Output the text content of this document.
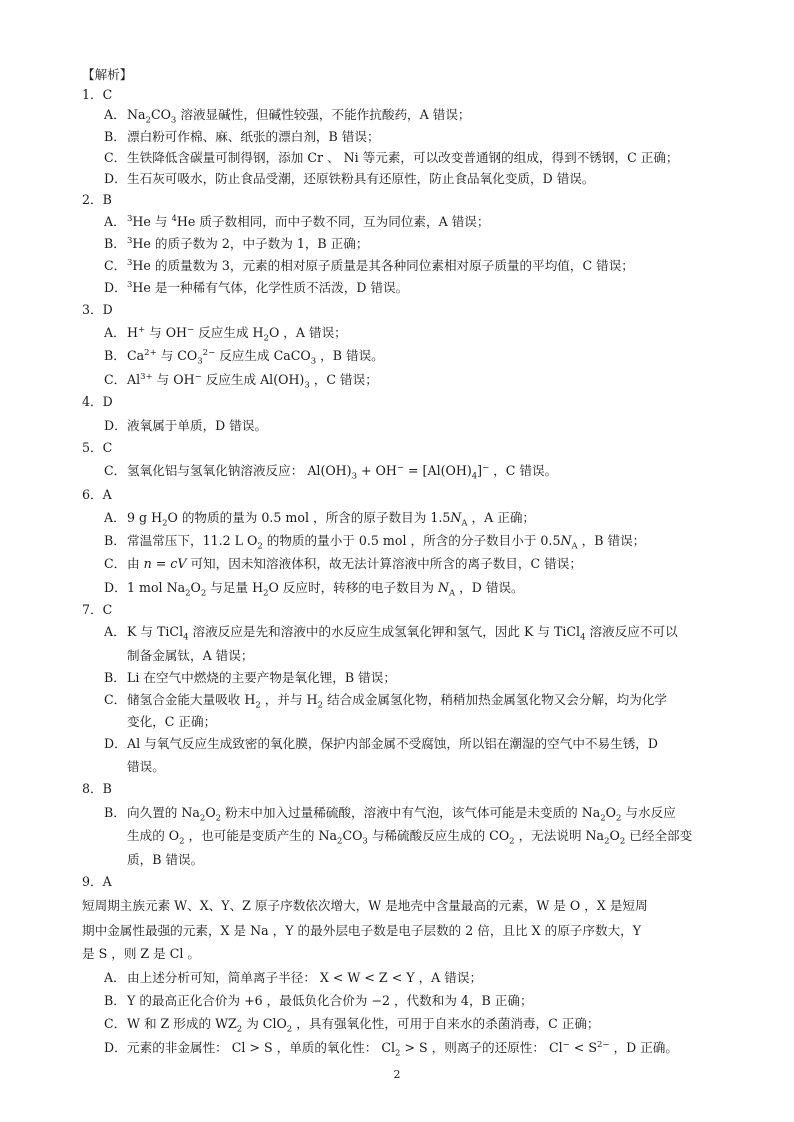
【解析】
1．C
A．$Na_2CO_3$ 溶液显碱性，但碱性较强，不能作抗酸药，A 错误；
B．漂白粉可作棉、麻、纸张的漂白剂，B 错误；
C．生铁降低含碳量可制得钢，添加 Cr 、 Ni 等元素，可以改变普通钢的组成，得到不锈钢，C 正确；
D．生石灰可吸水，防止食品受潮，还原铁粉具有还原性，防止食品氧化变质，D 错误。
2．B
A．$^3$He 与 $^4$He 质子数相同，而中子数不同，互为同位素，A 错误；
B．$^3$He 的质子数为 2，中子数为 1，B 正确；
C．$^3$He 的质量数为 3，元素的相对原子质量是其各种同位素相对原子质量的平均值，C 错误；
D．$^3$He 是一种稀有气体，化学性质不活泼，D 错误。
3．D
A．H+ 与 OH− 反应生成 $H_2O$ ，A 错误；
B．$Ca^{2+}$ 与 $CO_3^{2-}$ 反应生成 CaCO$_3$ ，B 错误。
C．$Al^{3+}$ 与 OH− 反应生成 $Al(OH)_3$ ，C 错误；
4．D
D．液氧属于单质，D 错误。
5．C
C．氢氧化铝与氢氧化钠溶液反应： $Al(OH)_3 + OH^- = [Al(OH)_4]^-$ ，C 错误。
6．A
A．9 g $H_2O$ 的物质的量为 0.5 mol ，所含的原子数目为 $1.5N_A$ ，A 正确；
B．常温常压下，11.2 L $O_2$ 的物质的量小于 0.5 mol ，所含的分子数目小于 $0.5N_A$ ，B 错误；
C．由 n = cV 可知，因未知溶液体积，故无法计算溶液中所含的离子数目，C 错误；
D．1 mol $Na_2O_2$ 与足量 $H_2O$ 反应时，转移的电子数目为 $N_A$ ，D 错误。
7．C
A．K 与 TiCl$_4$ 溶液反应是先和溶液中的水反应生成氢氧化钾和氢气，因此 K 与 TiCl$_4$ 溶液反应不可以
制备金属钛，A 错误；
B．Li 在空气中燃烧的主要产物是氧化锂，B 错误；
C．储氢合金能大量吸收 $H_2$ ，并与 $H_2$ 结合成金属氢化物，稍稍加热金属氢化物又会分解，均为化学
变化，C 正确；
D．Al 与氧气反应生成致密的氧化膜，保护内部金属不受腐蚀，所以铝在潮湿的空气中不易生锈，D
错误。
8．B
B．向久置的 $Na_2O_2$ 粉末中加入过量稀硫酸，溶液中有气泡，该气体可能是未变质的 $Na_2O_2$ 与水反应
生成的 $O_2$ ，也可能是变质产生的 $Na_2CO_3$ 与稀硫酸反应生成的 $CO_2$ ，无法说明 $Na_2O_2$ 已经全部变
质，B 错误。
9．A
短周期主族元素 W、X、Y、Z 原子序数依次增大，W 是地壳中含量最高的元素，W 是 O ，X 是短周
期中金属性最强的元素，X 是 Na ，Y 的最外层电子数是电子层数的 2 倍，且比 X 的原子序数大，Y
是 S ，则 Z 是 Cl 。
A．由上述分析可知，简单离子半径： X < W < Z < Y ，A 错误；
B．Y 的最高正化合价为 +6 ，最低负化合价为 −2 ，代数和为 4，B 正确；
C．W 和 Z 形成的 $WZ_2$ 为 ClO$_2$ ，具有强氧化性，可用于自来水的杀菌消毒，C 正确；
D．元素的非金属性： Cl > S ，单质的氧化性： $Cl_2 > S$ ，则离子的还原性： $Cl^- < S^{2-}$ ，D 正确。
2
